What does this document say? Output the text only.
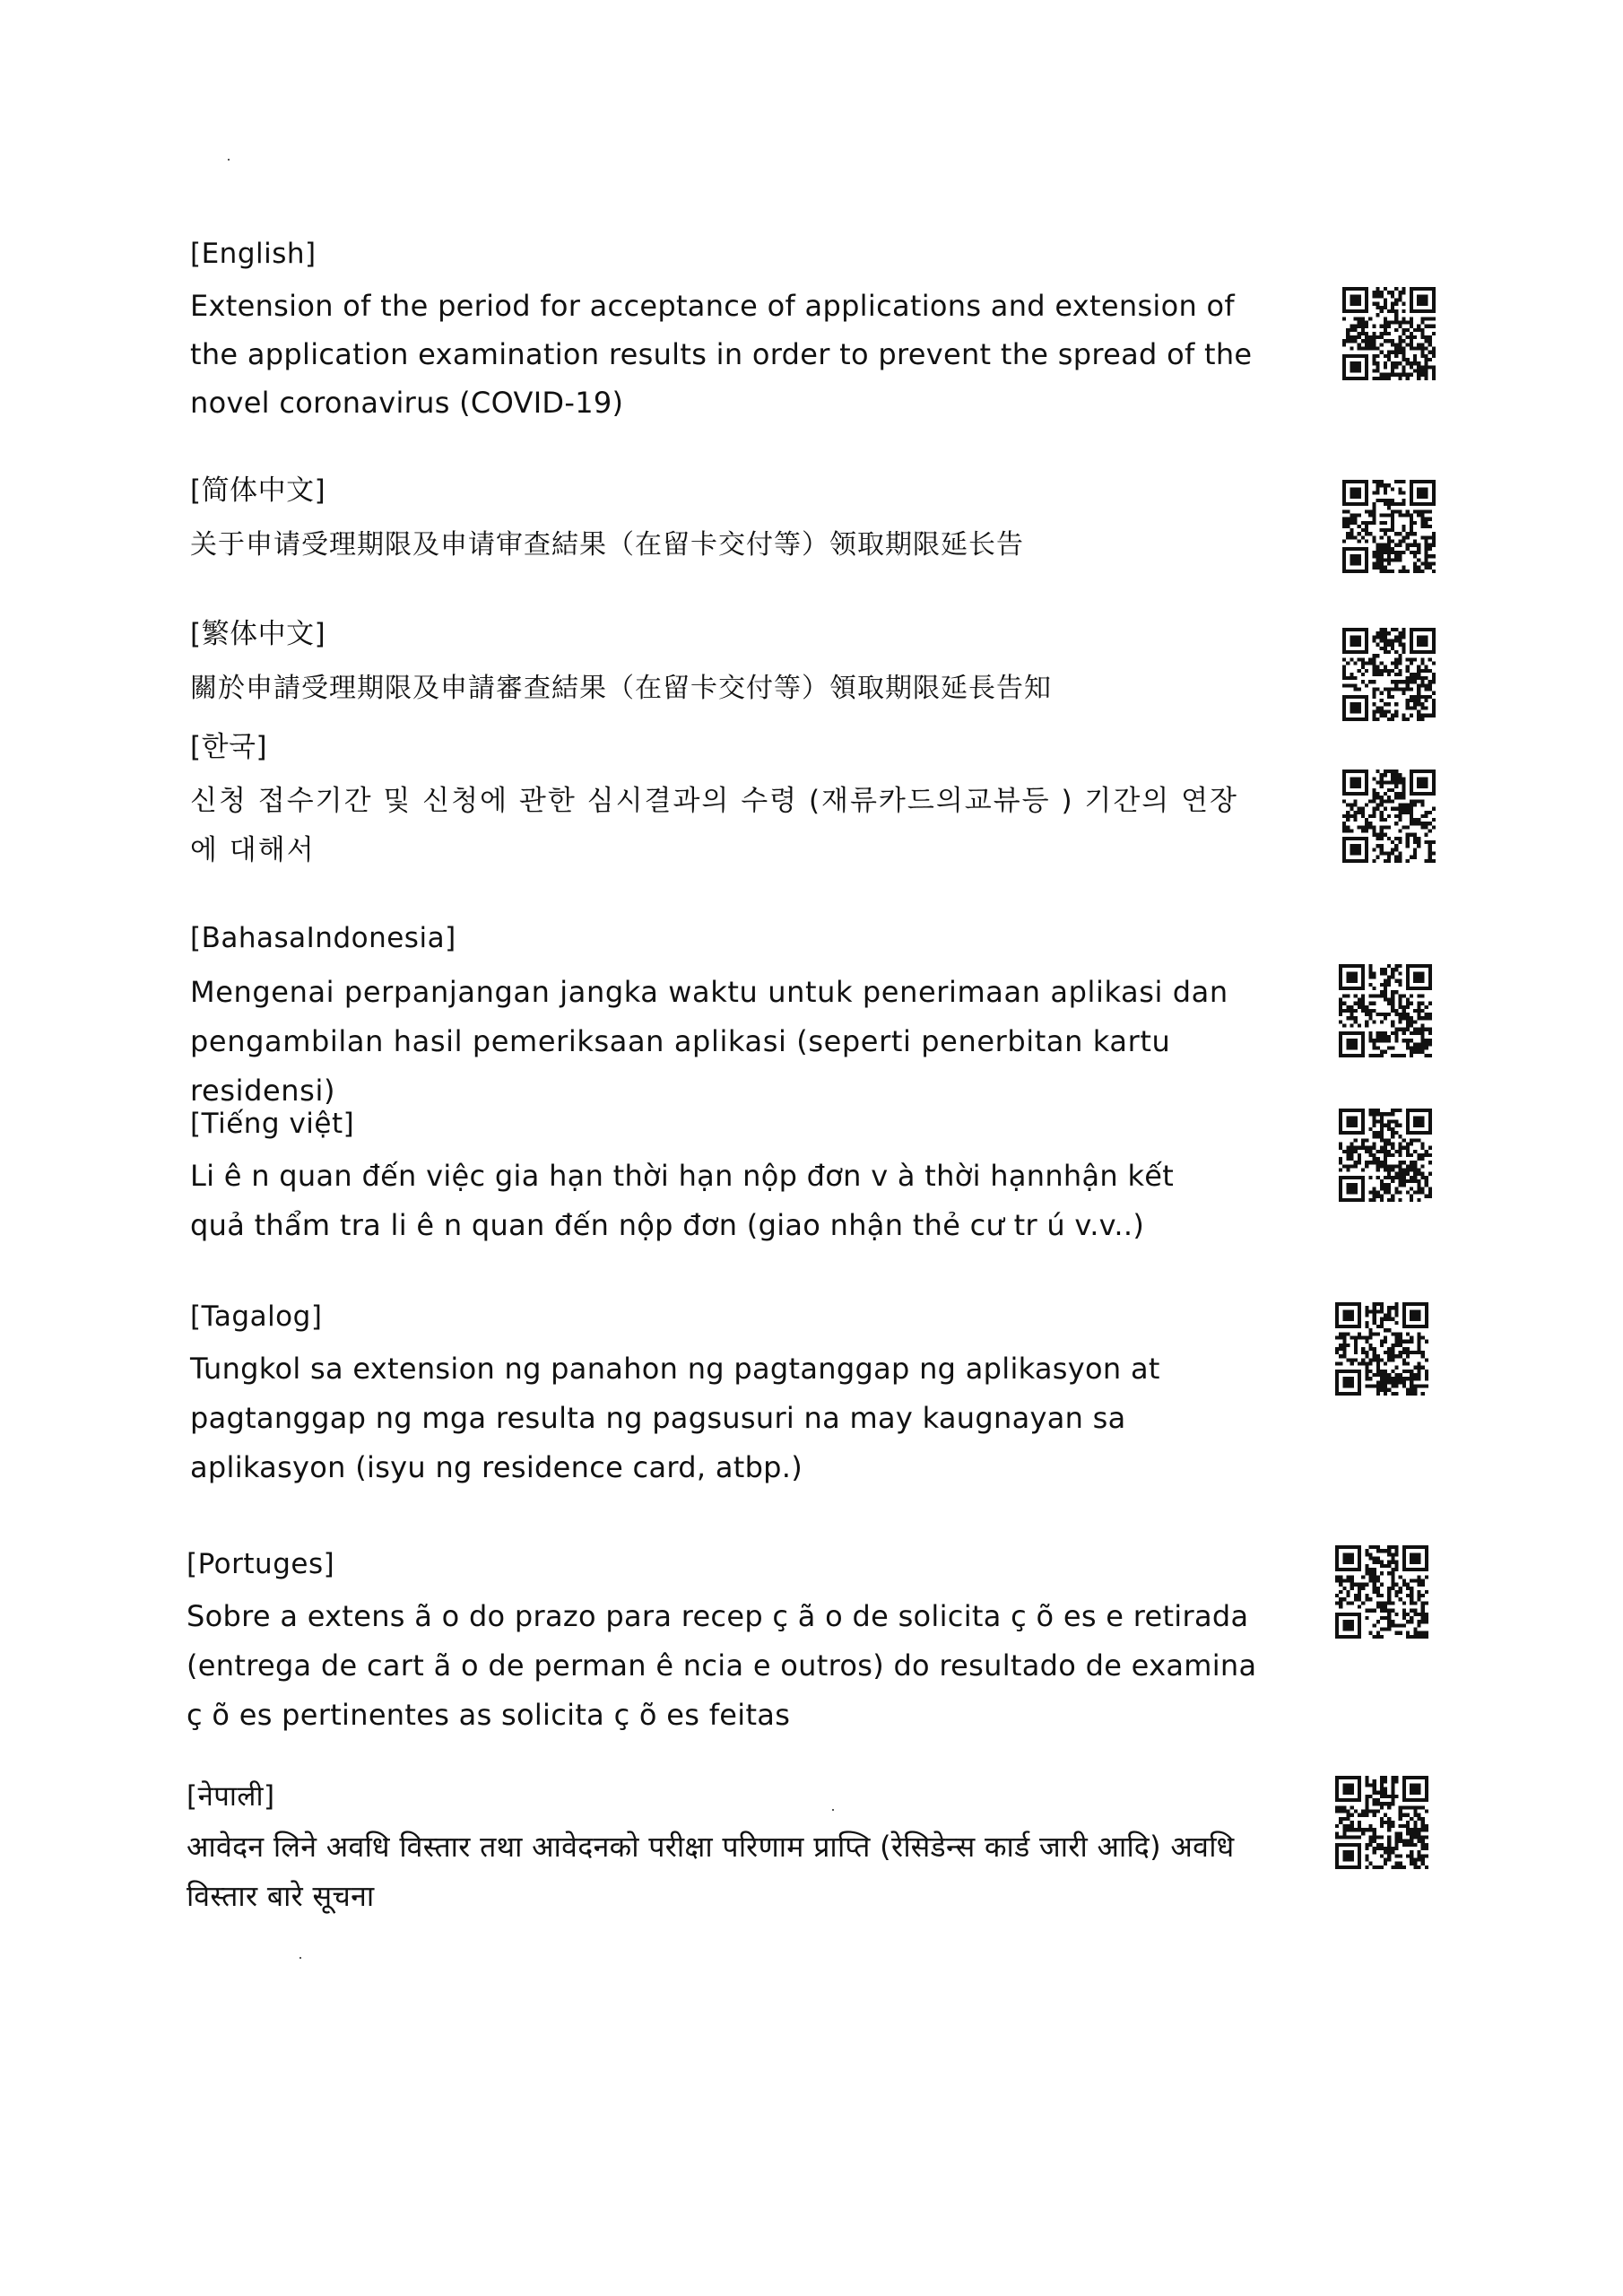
[English]
Extension of the period for acceptance of applications and extension of the application examination results in order to prevent the spread of the novel coronavirus (COVID-19)
[简体中文]
关于申请受理期限及申请审查結果（在留卡交付等）领取期限延长告
[繁体中文]
關於申請受理期限及申請審查結果（在留卡交付等）領取期限延長告知
[한국]
신청 접수기간 및 신청에 관한 심시결과의 수령 (재류카드의교뷰등 ) 기간의 연장에 대해서
[BahasaIndonesia]
Mengenai perpanjangan jangka waktu untuk penerimaan aplikasi dan pengambilan hasil pemeriksaan aplikasi (seperti penerbitan kartu residensi)
[Tiếng việt]
Li ê n quan đến việc gia hạn thời hạn nộp đơn v à thời hạnnhận kết quả thẩm tra li ê n quan đến nộp đơn (giao nhận thẻ cư tr ú v.v..)
[Tagalog]
Tungkol sa extension ng panahon ng pagtanggap ng aplikasyon at pagtanggap ng mga resulta ng pagsusuri na may kaugnayan sa aplikasyon (isyu ng residence card, atbp.)
[Portuges]
Sobre a extens ã o do prazo para recep ç ã o de solicita ç õ es e retirada (entrega de cart ã o de perman ê ncia e outros) do resultado de examina ç õ es pertinentes as solicita ç õ es feitas
[नेपाली]
आवेदन लिने अवधि विस्तार तथा आवेदनको परीक्षा परिणाम प्राप्ति (रेसिडेन्स कार्ड जारी आदि) अवधि विस्तार बारे सूचना
